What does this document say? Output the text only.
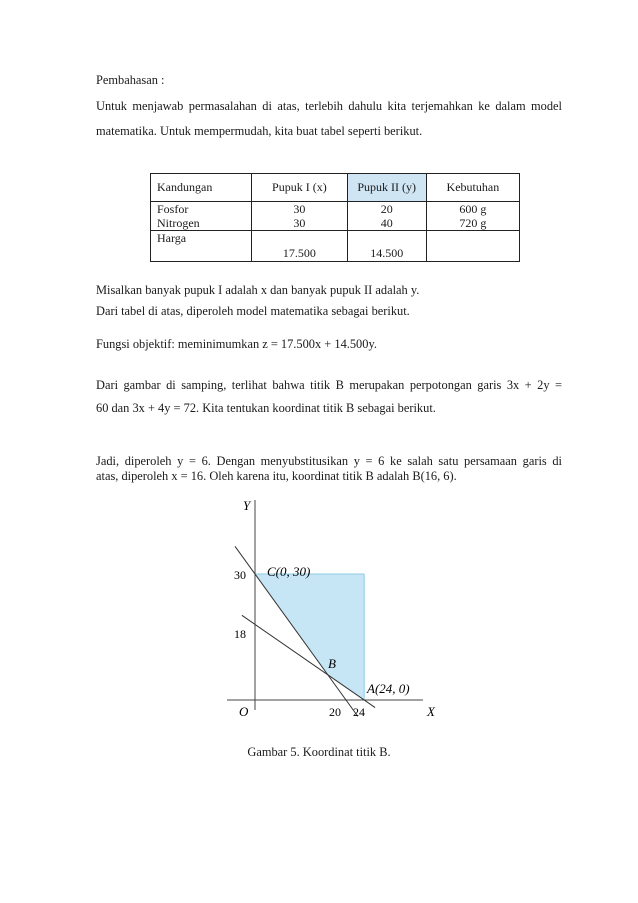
Pembahasan :

Untuk menjawab permasalahan di atas, terlebih dahulu kita terjemahkan ke dalam model

matematika. Untuk mempermudah, kita buat tabel seperti berikut.

Kandungan	Pupuk I (x)	Pupuk II (y)	Kebutuhan
Fosfor	30	20	600 g
Nitrogen	30	40	720 g
Harga	17.500	14.500	

Misalkan banyak pupuk I adalah x dan banyak pupuk II adalah y.

Dari tabel di atas, diperoleh model matematika sebagai berikut.

Fungsi objektif: meminimumkan z = 17.500x + 14.500y.

Dari gambar di samping, terlihat bahwa titik B merupakan perpotongan garis 3x + 2y =

60 dan 3x + 4y = 72. Kita tentukan koordinat titik B sebagai berikut.

Jadi, diperoleh y = 6. Dengan menyubstitusikan y = 6 ke salah satu persamaan garis di

atas, diperoleh x = 16. Oleh karena itu, koordinat titik B adalah B(16, 6).

Y
X
O
30
18
20 24
C(0, 30)
B
A(24, 0)
Gambar 5. Koordinat titik B.
